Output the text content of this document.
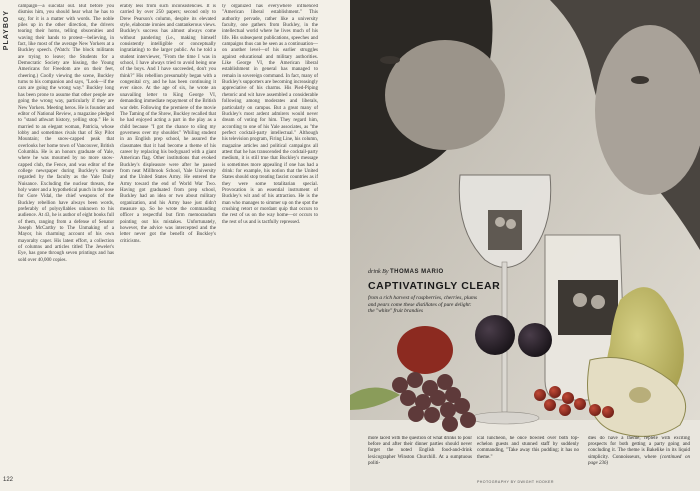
PLAYBOY
122
campaign—a suicidal out. But before you dismiss him, you should hear what he has to say, for it is a matter with words. The noble piles up in the other direction, the drivers tearing their horns, telling obscenities and waving their hands to protest—believing, in fact, like most of the average New Yorkers at a Buckley speech. (Watch: The block militants are trying to leave; the Students for a Democratic Society are hissing, the Young Americans for Freedom are on their feet, cheering.) Coolly viewing the scene, Buckley turns to his companion and says, "Look—if the cars are going the wrong way." Buckley long has been prone to assume that other people are going the wrong way, particularly if they are New Yorkers. Meeting heros. He is founder and editor of National Review, a magazine pledged to "stand athwart history, yelling stop." He is married to an elegant woman, Patricia, whose lobby and sometimes rivals that of Sky Pilot Mountain; the snow-capped peak that overlooks her home town of Vancouver, British Columbia. He is an honors graduate of Yale, where he was mourned by no more snow-capped club, the Fence, and was editor of the college newspaper during Buckley's tenure regarded by the faculty as the Yale Daily Nuisance. Excluding the nuclear threats, the holy water and a hypothetical punch in the nose for Gore Vidal, the chief weapons of the Buckley rebellion have always been words, preferably of polysyllables unknown to his audience. At 43, he is author of eight books full of them, ranging from a defense of Senator Joseph McCarthy to The Unmaking of a Mayor, his charming account of his own mayoralty caper. His latest effort, a collection of columns and articles titled The Jeweler's Eye, has gone through seven printings and has sold over 40,000 copies.
erably less from such inconsistencies. It is carried by over 250 papers; second only to Drew Pearson's column, despite its elevated style, elaborate ironies and cantankerous views. Buckley's success has almost always come without pandering (i.e., making himself consistently intelligible or conceptually ingratiating) to the larger public. As he told a student interviewer, "From the time I was in school, I have always tried to avoid being one of the boys. And I have succeeded, don't you think?" His rebellion presumably began with a congenital cry, and he has been continuing it ever since. At the age of six, he wrote an unavailing letter to King George VI, demanding immediate repayment of the British war debt. Following the premiere of the movie The Taming of the Shrew, Buckley recalled that he had enjoyed acting a part in the play as a child because "I got the chance to sling my governess over my shoulder." Whiling student in an English prep school, he assured the classmates that it had become a theme of his career by replacing his bodyguard with a giant American flag. Other institutions that evoked Buckley's displeasure were after he passed from neat Millbrook School, Yale University and the United States Army. He entered the Army toward the end of World War Two. Having got graduated from prep school, Buckley had an idea or two about military organization, and his Army base just didn't measure up. So he wrote the commanding officer a respectful but firm memorandum pointing out his mistakes. Unfortunately, however, the advice was intercepted and the letter never got the benefit of Buckley's criticisms.
ly organized has everywhere influenced "American liberal establishment." This authority pervade, rather like a university faculty, one gathers from Buckley, in the intellectual world where he lives much of his life. His subsequent publications, speeches and campaigns thus can be seen as a continuation—on another level—of his earlier struggles against educational and military authorities. Like George VI, the American liberal establishment in general has managed to remain in sovereign command. In fact, many of Buckley's supporters are becoming increasingly appreciative of his charms. His Pied-Piping rhetoric and wit have assembled a considerable following among moderates and liberals, particularly on campus. But a great many of Buckley's most ardent admirers would never dream of voting for him. They regard him, according to one of his Yale associates, as "the perfect cocktail-party intellectual." Although his television program, Firing Line, his column, magazine articles and political campaigns all attest that he has transcended the cocktail-party medium, it is still true that Buckley's message is sometimes more appealing if one has had a drink: for example, his notion that the United States should stop treating fascist countries as if they were some totalitarian special. Provocation is an essential instrument of Buckley's wit and of his attraction. He is the man who manages to simmer up on the spot the crushing retort or mordant quip that occurs to the rest of us on the way home—or occurs to the rest of us and is tactfully repressed.
drink By THOMAS MARIO
CAPTIVATINGLY CLEAR
from a rich harvest of raspberries, cherries, plums and pears come these distillates of pure delight: the "white" fruit brandies
more laced with the question of what drinks to pour before and after their dinner parties should never forget the noted English food-and-drink lexicographer Winston Churchill. At a sumptuous politi-
ical luncheon, he once bowled over both top-echelon guests and stunned staff by suddenly commanding, "Take away this pudding; it has no theme."
dies do have a theme, replete with exciting prospects for both getting a party going and concluding it. The theme is Bakelike in its liquid simplicity. Connoisseurs, where (continued on page 236)
PHOTOGRAPHY BY DWIGHT HOOKER
